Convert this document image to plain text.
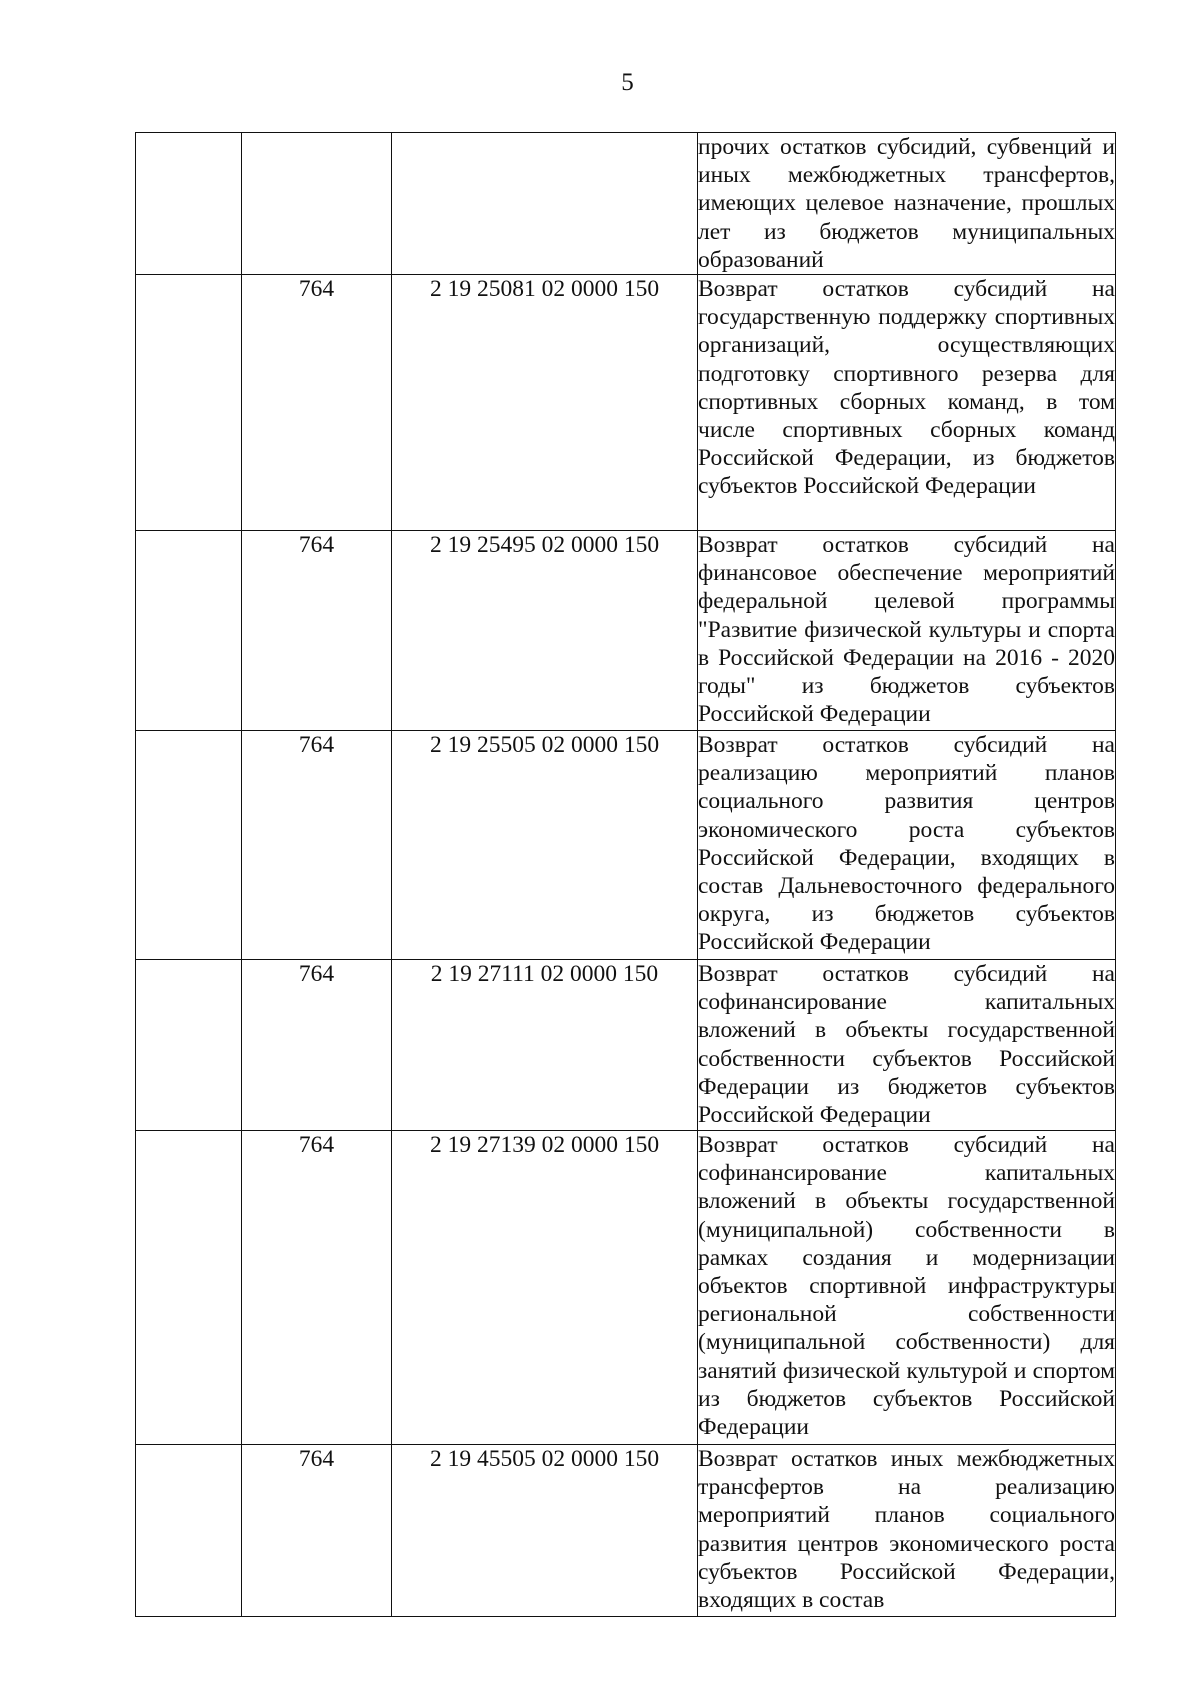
5

			прочих остатков субсидий, субвенций и иных межбюджетных трансфертов, имеющих целевое назначение, прошлых лет из бюджетов муниципальных образований

	764	2 19 25081 02 0000 150	Возврат остатков субсидий на государственную поддержку спортивных организаций, осуществляющих подготовку спортивного резерва для спортивных сборных команд, в том числе спортивных сборных команд Российской Федерации, из бюджетов субъектов Российской Федерации

	764	2 19 25495 02 0000 150	Возврат остатков субсидий на финансовое обеспечение мероприятий федеральной целевой программы "Развитие физической культуры и спорта в Российской Федерации на 2016 - 2020 годы" из бюджетов субъектов Российской Федерации

	764	2 19 25505 02 0000 150	Возврат остатков субсидий на реализацию мероприятий планов социального развития центров экономического роста субъектов Российской Федерации, входящих в состав Дальневосточного федерального округа, из бюджетов субъектов Российской Федерации

	764	2 19 27111 02 0000 150	Возврат остатков субсидий на софинансирование капитальных вложений в объекты государственной собственности субъектов Российской Федерации из бюджетов субъектов Российской Федерации

	764	2 19 27139 02 0000 150	Возврат остатков субсидий на софинансирование капитальных вложений в объекты государственной (муниципальной) собственности в рамках создания и модернизации объектов спортивной инфраструктуры региональной собственности (муниципальной собственности) для занятий физической культурой и спортом из бюджетов субъектов Российской Федерации

	764	2 19 45505 02 0000 150	Возврат остатков иных межбюджетных трансфертов на реализацию мероприятий планов социального развития центров экономического роста субъектов Российской Федерации, входящих в состав
